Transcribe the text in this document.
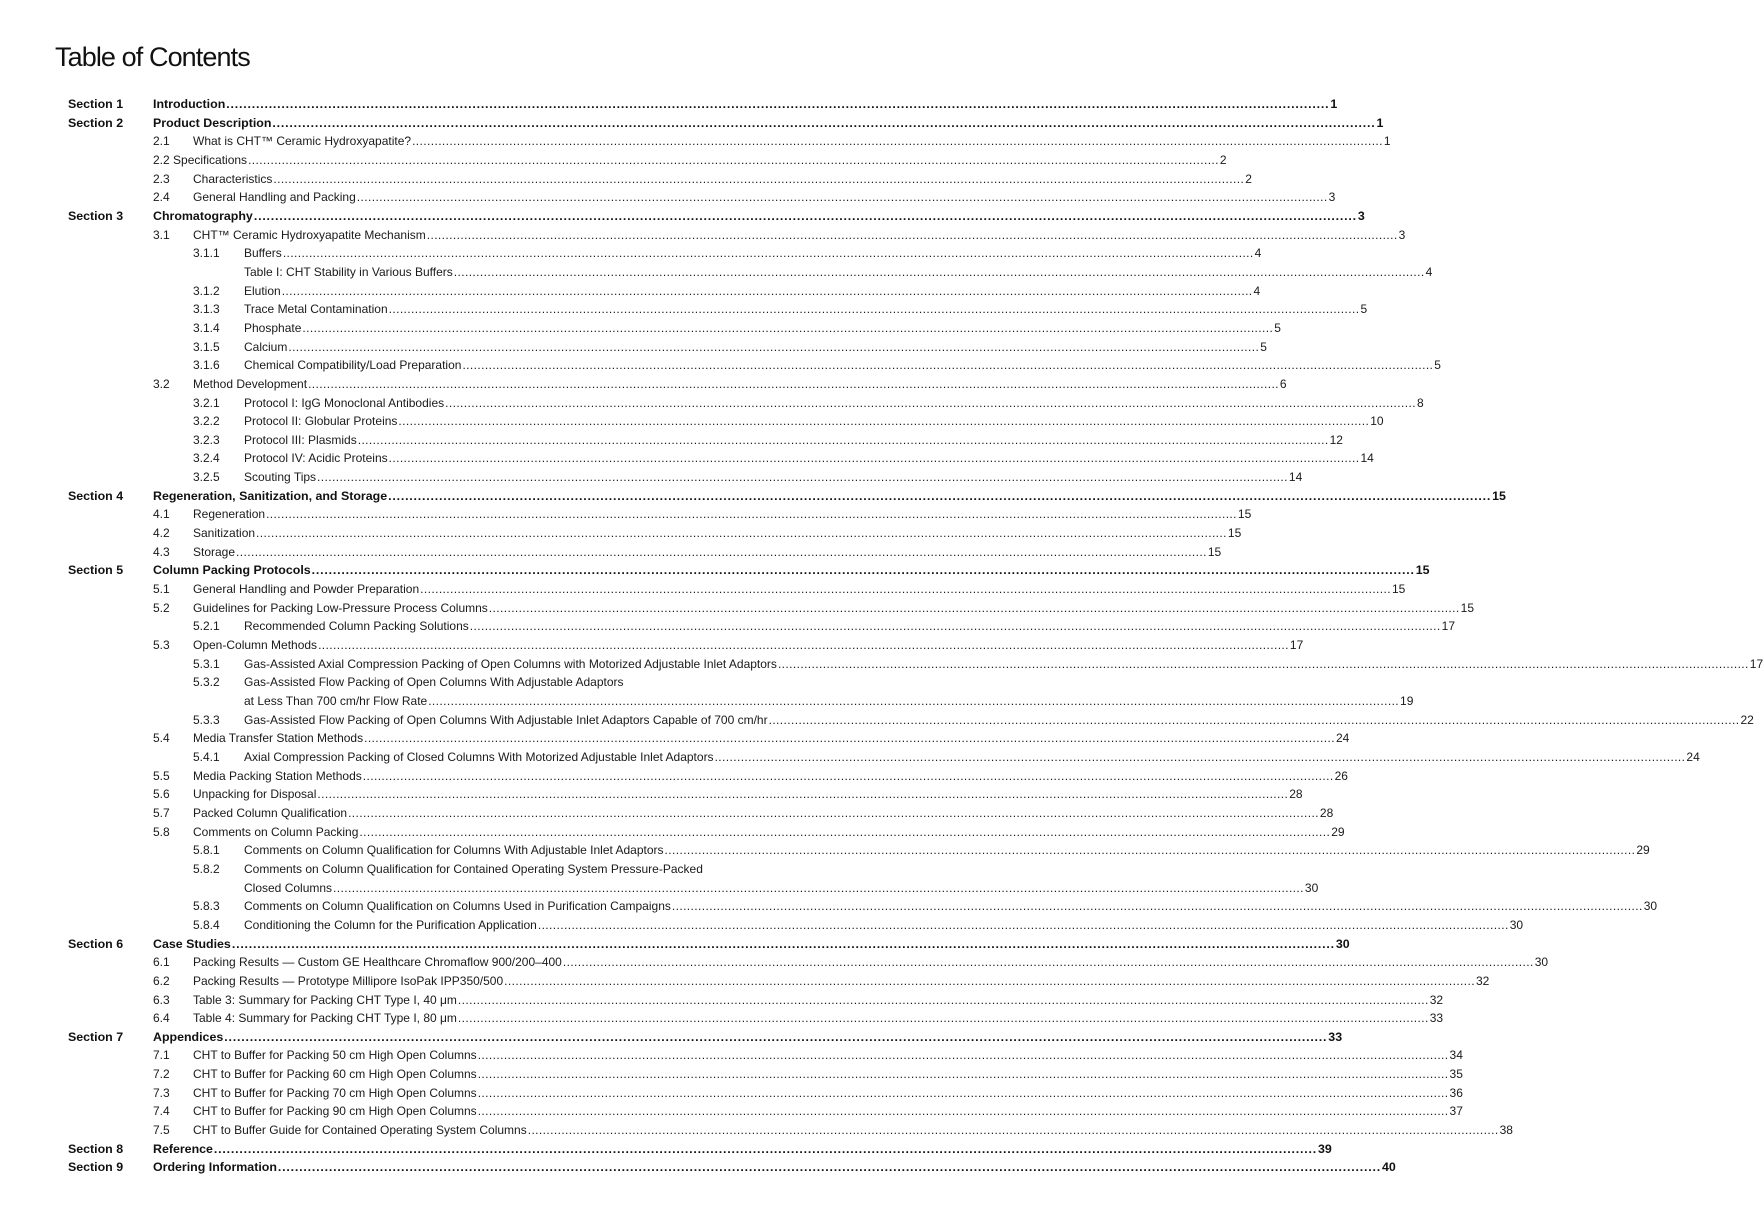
Table of Contents
Section 1 Introduction .................................................................................................................................................................................................................................................................... 1
Section 2 Product Description .................................................................................................................................................................................................................................................................... 1
2.1 What is CHT™ Ceramic Hydroxyapatite? .................................................................................................................................................................................................................................................................... 1
2.2 Specifications .................................................................................................................................................................................................................................................................... 2
2.3 Characteristics .................................................................................................................................................................................................................................................................... 2
2.4 General Handling and Packing .................................................................................................................................................................................................................................................................... 3
Section 3 Chromatography .................................................................................................................................................................................................................................................................... 3
3.1 CHT™ Ceramic Hydroxyapatite Mechanism .................................................................................................................................................................................................................................................................... 3
3.1.1 Buffers .................................................................................................................................................................................................................................................................... 4
Table I: CHT Stability in Various Buffers .................................................................................................................................................................................................................................................................... 4
3.1.2 Elution .................................................................................................................................................................................................................................................................... 4
3.1.3 Trace Metal Contamination .................................................................................................................................................................................................................................................................... 5
3.1.4 Phosphate .................................................................................................................................................................................................................................................................... 5
3.1.5 Calcium .................................................................................................................................................................................................................................................................... 5
3.1.6 Chemical Compatibility/Load Preparation .................................................................................................................................................................................................................................................................... 5
3.2 Method Development .................................................................................................................................................................................................................................................................... 6
3.2.1 Protocol I: IgG Monoclonal Antibodies .................................................................................................................................................................................................................................................................... 8
3.2.2 Protocol II: Globular Proteins .................................................................................................................................................................................................................................................................... 10
3.2.3 Protocol III: Plasmids .................................................................................................................................................................................................................................................................... 12
3.2.4 Protocol IV: Acidic Proteins .................................................................................................................................................................................................................................................................... 14
3.2.5 Scouting Tips .................................................................................................................................................................................................................................................................... 14
Section 4 Regeneration, Sanitization, and Storage .................................................................................................................................................................................................................................................................... 15
4.1 Regeneration .................................................................................................................................................................................................................................................................... 15
4.2 Sanitization .................................................................................................................................................................................................................................................................... 15
4.3 Storage .................................................................................................................................................................................................................................................................... 15
Section 5 Column Packing Protocols .................................................................................................................................................................................................................................................................... 15
5.1 General Handling and Powder Preparation .................................................................................................................................................................................................................................................................... 15
5.2 Guidelines for Packing Low-Pressure Process Columns .................................................................................................................................................................................................................................................................... 15
5.2.1 Recommended Column Packing Solutions .................................................................................................................................................................................................................................................................... 17
5.3 Open-Column Methods .................................................................................................................................................................................................................................................................... 17
5.3.1 Gas-Assisted Axial Compression Packing of Open Columns with Motorized Adjustable Inlet Adaptors .................................................................................................................................................................................................................................................................... 17
5.3.2 Gas-Assisted Flow Packing of Open Columns With Adjustable Adaptors
at Less Than 700 cm/hr Flow Rate .................................................................................................................................................................................................................................................................... 19
5.3.3 Gas-Assisted Flow Packing of Open Columns With Adjustable Inlet Adaptors Capable of 700 cm/hr .................................................................................................................................................................................................................................................................... 22
5.4 Media Transfer Station Methods .................................................................................................................................................................................................................................................................... 24
5.4.1 Axial Compression Packing of Closed Columns With Motorized Adjustable Inlet Adaptors .................................................................................................................................................................................................................................................................... 24
5.5 Media Packing Station Methods .................................................................................................................................................................................................................................................................... 26
5.6 Unpacking for Disposal .................................................................................................................................................................................................................................................................... 28
5.7 Packed Column Qualification .................................................................................................................................................................................................................................................................... 28
5.8 Comments on Column Packing .................................................................................................................................................................................................................................................................... 29
5.8.1 Comments on Column Qualification for Columns With Adjustable Inlet Adaptors .................................................................................................................................................................................................................................................................... 29
5.8.2 Comments on Column Qualification for Contained Operating System Pressure-Packed
Closed Columns .................................................................................................................................................................................................................................................................... 30
5.8.3 Comments on Column Qualification on Columns Used in Purification Campaigns .................................................................................................................................................................................................................................................................... 30
5.8.4 Conditioning the Column for the Purification Application .................................................................................................................................................................................................................................................................... 30
Section 6 Case Studies .................................................................................................................................................................................................................................................................... 30
6.1 Packing Results — Custom GE Healthcare Chromaflow 900/200–400 .................................................................................................................................................................................................................................................................... 30
6.2 Packing Results — Prototype Millipore IsoPak IPP350/500 .................................................................................................................................................................................................................................................................... 32
6.3 Table 3: Summary for Packing CHT Type I, 40 μm .................................................................................................................................................................................................................................................................... 32
6.4 Table 4: Summary for Packing CHT Type I, 80 μm .................................................................................................................................................................................................................................................................... 33
Section 7 Appendices .................................................................................................................................................................................................................................................................... 33
7.1 CHT to Buffer for Packing 50 cm High Open Columns .................................................................................................................................................................................................................................................................... 34
7.2 CHT to Buffer for Packing 60 cm High Open Columns .................................................................................................................................................................................................................................................................... 35
7.3 CHT to Buffer for Packing 70 cm High Open Columns .................................................................................................................................................................................................................................................................... 36
7.4 CHT to Buffer for Packing 90 cm High Open Columns .................................................................................................................................................................................................................................................................... 37
7.5 CHT to Buffer Guide for Contained Operating System Columns .................................................................................................................................................................................................................................................................... 38
Section 8 Reference .................................................................................................................................................................................................................................................................... 39
Section 9 Ordering Information .................................................................................................................................................................................................................................................................... 40
